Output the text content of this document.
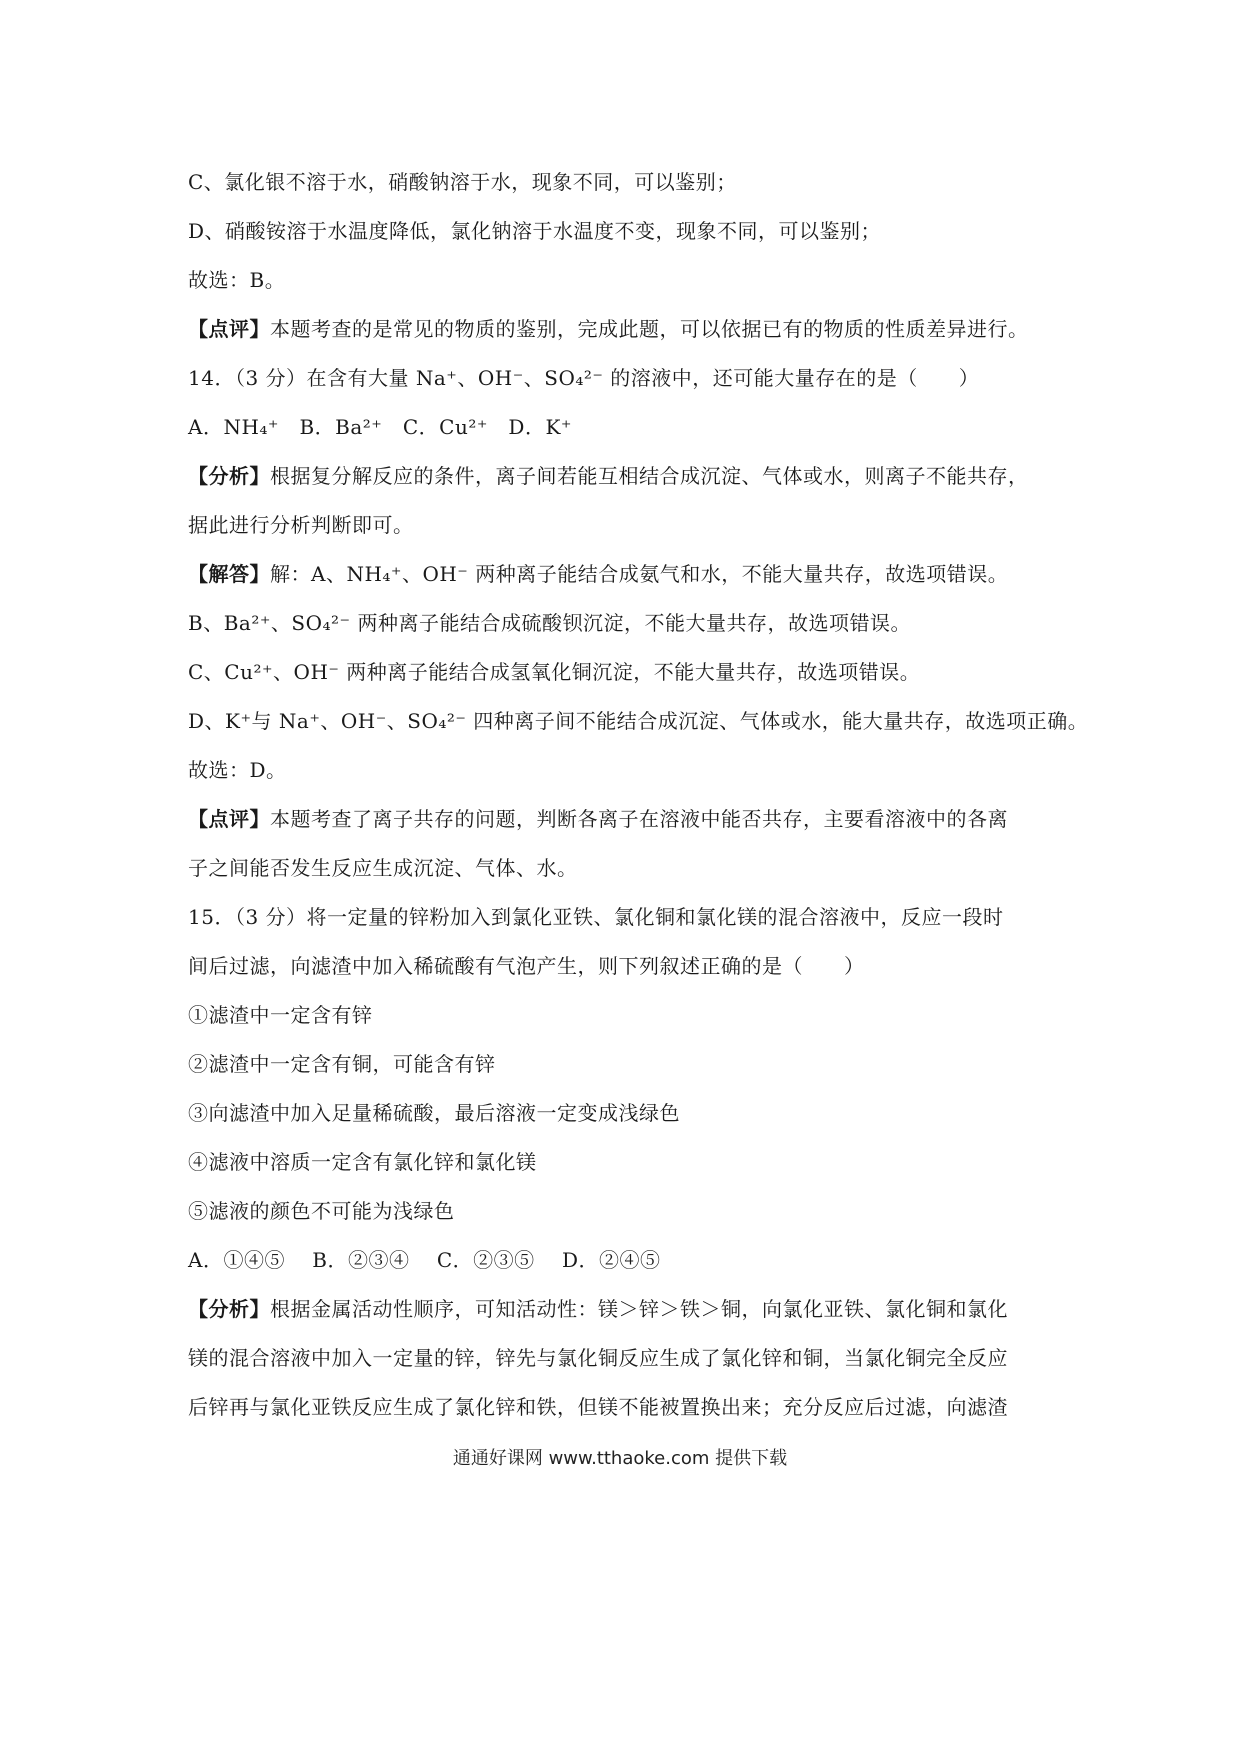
C、氯化银不溶于水，硝酸钠溶于水，现象不同，可以鉴别；
D、硝酸铵溶于水温度降低，氯化钠溶于水温度不变，现象不同，可以鉴别；
故选：B。
【点评】本题考查的是常见的物质的鉴别，完成此题，可以依据已有的物质的性质差异进行。
14．（3 分）在含有大量 Na⁺、OH⁻、SO₄²⁻ 的溶液中，还可能大量存在的是（　　）
A．NH₄⁺　B．Ba²⁺　C．Cu²⁺　D．K⁺
【分析】根据复分解反应的条件，离子间若能互相结合成沉淀、气体或水，则离子不能共存，
据此进行分析判断即可。
【解答】解：A、NH₄⁺、OH⁻ 两种离子能结合成氨气和水，不能大量共存，故选项错误。
B、Ba²⁺、SO₄²⁻ 两种离子能结合成硫酸钡沉淀，不能大量共存，故选项错误。
C、Cu²⁺、OH⁻ 两种离子能结合成氢氧化铜沉淀，不能大量共存，故选项错误。
D、K⁺与 Na⁺、OH⁻、SO₄²⁻ 四种离子间不能结合成沉淀、气体或水，能大量共存，故选项正确。
故选：D。
【点评】本题考查了离子共存的问题，判断各离子在溶液中能否共存，主要看溶液中的各离
子之间能否发生反应生成沉淀、气体、水。
15．（3 分）将一定量的锌粉加入到氯化亚铁、氯化铜和氯化镁的混合溶液中，反应一段时
间后过滤，向滤渣中加入稀硫酸有气泡产生，则下列叙述正确的是（　　）
①滤渣中一定含有锌
②滤渣中一定含有铜，可能含有锌
③向滤渣中加入足量稀硫酸，最后溶液一定变成浅绿色
④滤液中溶质一定含有氯化锌和氯化镁
⑤滤液的颜色不可能为浅绿色
A．①④⑤　 B．②③④　 C．②③⑤　 D．②④⑤
【分析】根据金属活动性顺序，可知活动性：镁＞锌＞铁＞铜，向氯化亚铁、氯化铜和氯化
镁的混合溶液中加入一定量的锌，锌先与氯化铜反应生成了氯化锌和铜，当氯化铜完全反应
后锌再与氯化亚铁反应生成了氯化锌和铁，但镁不能被置换出来；充分反应后过滤，向滤渣
通通好课网 www.tthaoke.com 提供下载
